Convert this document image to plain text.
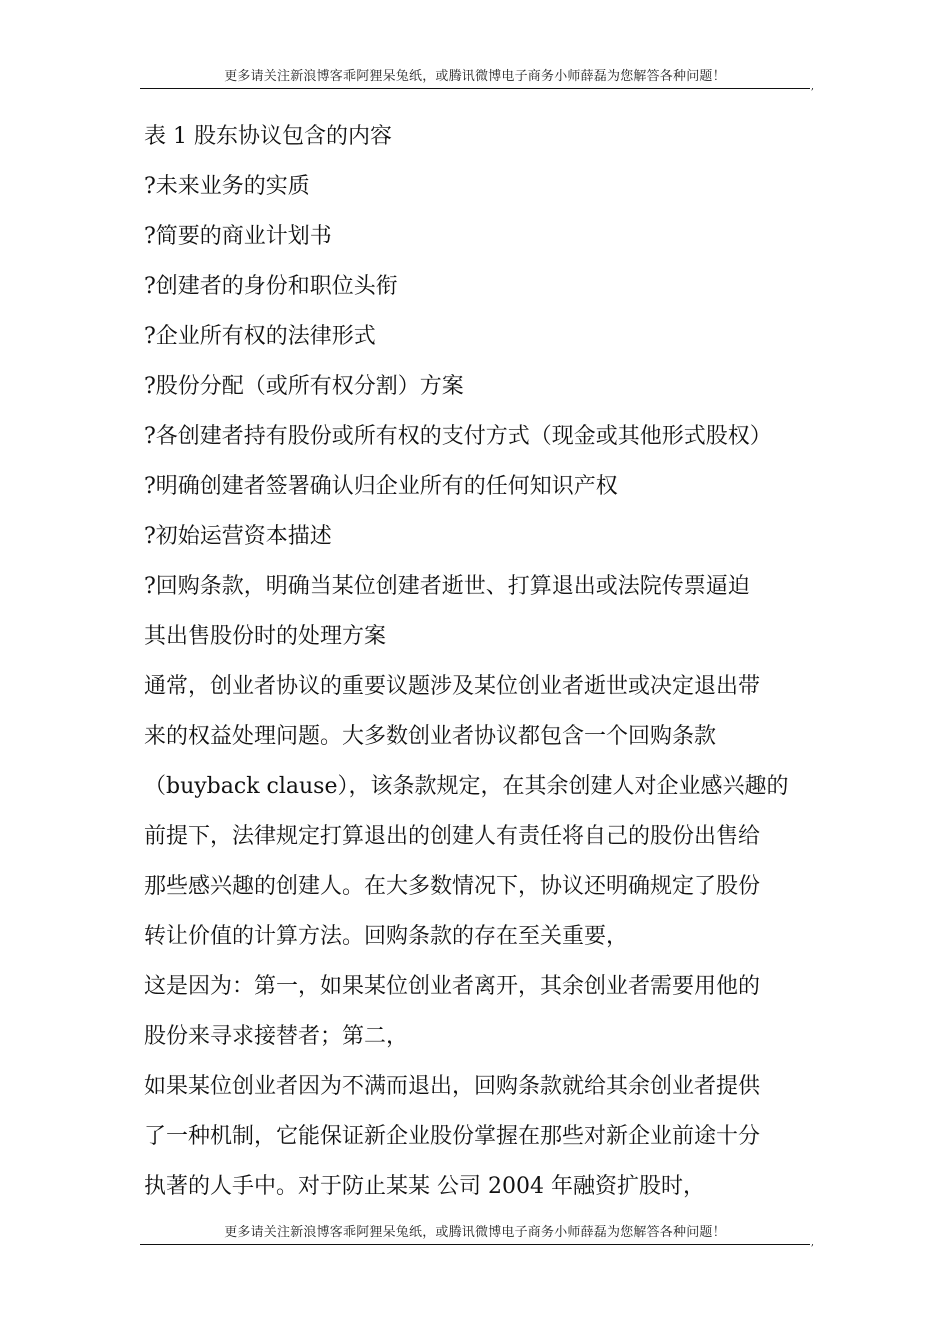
更多请关注新浪博客乖阿狸呆兔纸，或腾讯微博电子商务小师薛磊为您解答各种问题！
,
表 1 股东协议包含的内容
?未来业务的实质
?简要的商业计划书
?创建者的身份和职位头衔
?企业所有权的法律形式
?股份分配（或所有权分割）方案
?各创建者持有股份或所有权的支付方式（现金或其他形式股权）
?明确创建者签署确认归企业所有的任何知识产权
?初始运营资本描述
?回购条款，明确当某位创建者逝世、打算退出或法院传票逼迫
其出售股份时的处理方案
通常，创业者协议的重要议题涉及某位创业者逝世或决定退出带
来的权益处理问题。大多数创业者协议都包含一个回购条款
（buyback clause），该条款规定，在其余创建人对企业感兴趣的
前提下，法律规定打算退出的创建人有责任将自己的股份出售给
那些感兴趣的创建人。在大多数情况下，协议还明确规定了股份
转让价值的计算方法。回购条款的存在至关重要，
这是因为：第一，如果某位创业者离开，其余创业者需要用他的
股份来寻求接替者；第二，
如果某位创业者因为不满而退出，回购条款就给其余创业者提供
了一种机制，它能保证新企业股份掌握在那些对新企业前途十分
执著的人手中。对于防止某某 公司 2004 年融资扩股时，
更多请关注新浪博客乖阿狸呆兔纸，或腾讯微博电子商务小师薛磊为您解答各种问题！
,
